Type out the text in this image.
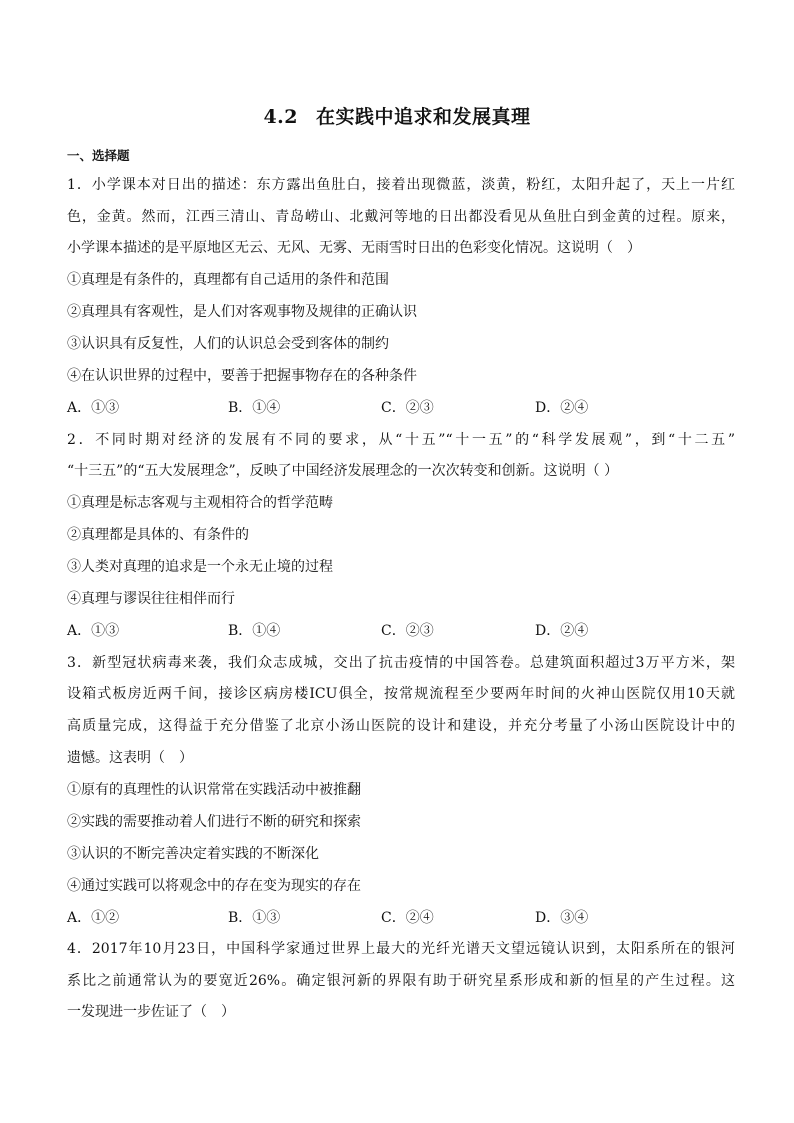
4.2 在实践中追求和发展真理
一、选择题
1．小学课本对日出的描述：东方露出鱼肚白，接着出现微蓝，淡黄，粉红，太阳升起了，天上一片红
色，金黄。然而，江西三清山、青岛崂山、北戴河等地的日出都没看见从鱼肚白到金黄的过程。原来，
小学课本描述的是平原地区无云、无风、无雾、无雨雪时日出的色彩变化情况。这说明（　）
①真理是有条件的，真理都有自己适用的条件和范围
②真理具有客观性，是人们对客观事物及规律的正确认识
③认识具有反复性，人们的认识总会受到客体的制约
④在认识世界的过程中，要善于把握事物存在的各种条件
A．①③	B．①④	C．②③	D．②④
2．不同时期对经济的发展有不同的要求，从“十五”“十一五”的“科学发展观”，到“十二五”
“十三五”的“五大发展理念”，反映了中国经济发展理念的一次次转变和创新。这说明（ ）
①真理是标志客观与主观相符合的哲学范畴
②真理都是具体的、有条件的
③人类对真理的追求是一个永无止境的过程
④真理与谬误往往相伴而行
A．①③	B．①④	C．②③	D．②④
3．新型冠状病毒来袭，我们众志成城，交出了抗击疫情的中国答卷。总建筑面积超过3万平方米，架
设箱式板房近两千间，接诊区病房楼ICU俱全，按常规流程至少要两年时间的火神山医院仅用10天就
高质量完成，这得益于充分借鉴了北京小汤山医院的设计和建设，并充分考量了小汤山医院设计中的
遗憾。这表明（　）
①原有的真理性的认识常常在实践活动中被推翻
②实践的需要推动着人们进行不断的研究和探索
③认识的不断完善决定着实践的不断深化
④通过实践可以将观念中的存在变为现实的存在
A．①②	B．①③	C．②④	D．③④
4．2017年10月23日，中国科学家通过世界上最大的光纤光谱天文望远镜认识到，太阳系所在的银河
系比之前通常认为的要宽近26%。确定银河新的界限有助于研究星系形成和新的恒星的产生过程。这
一发现进一步佐证了（　）
